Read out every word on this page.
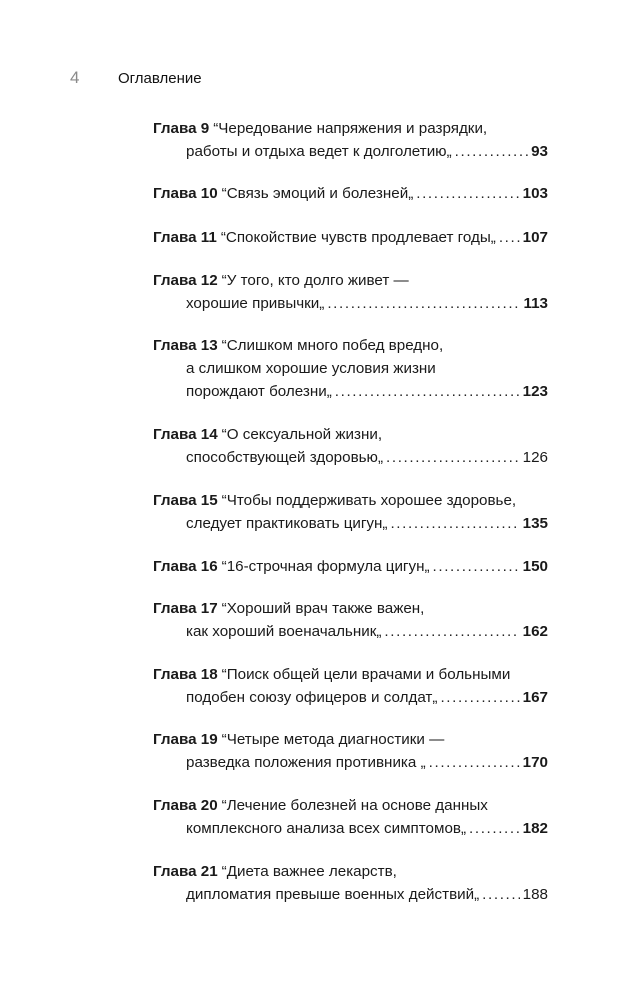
4	Оглавление
Глава 9 “Чередование напряжения и разрядки,
работы и отдыха ведет к долголетию„ . . .	93
Глава 10 “Связь эмоций и болезней„ . . .	103
Глава 11 “Спокойствие чувств продлевает годы„ . . . 107
Глава 12 “У того, кто долго живет —
хорошие привычки„ . . .	113
Глава 13 “Слишком много побед вредно,
а слишком хорошие условия жизни
порождают болезни„ . . .	123
Глава 14 “О сексуальной жизни,
способствующей здоровью„ . . .	126
Глава 15 “Чтобы поддерживать хорошее здоровье,
следует практиковать цигун„ . . .	135
Глава 16 “16-строчная формула цигун„ . . .	150
Глава 17 “Хороший врач также важен,
как хороший военачальник„ . . .	162
Глава 18 “Поиск общей цели врачами и больными
подобен союзу офицеров и солдат„ . . .	167
Глава 19 “Четыре метода диагностики —
разведка положения противника „ . . .	170
Глава 20 “Лечение болезней на основе данных
комплексного анализа всех симптомов„ . . .	182
Глава 21 “Диета важнее лекарств,
дипломатия превыше военных действий„ . . .	188
